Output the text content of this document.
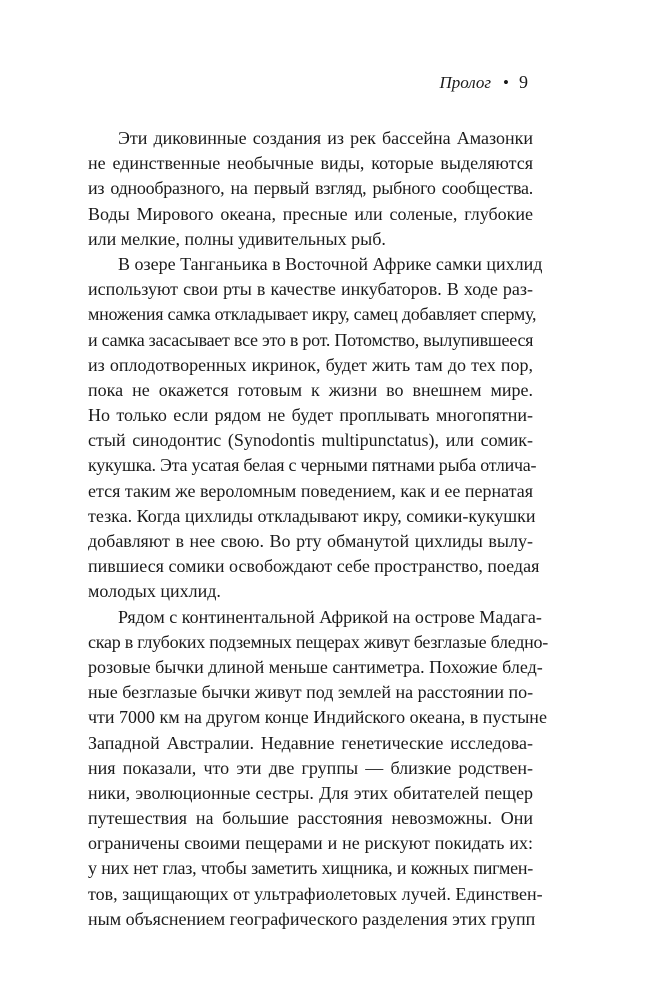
Пролог • 9
Эти диковинные создания из рек бассейна Амазонки
не единственные необычные виды, которые выделяются
из однообразного, на первый взгляд, рыбного сообщества.
Воды Мирового океана, пресные или соленые, глубокие
или мелкие, полны удивительных рыб.
В озере Танганьика в Восточной Африке самки цихлид
используют свои рты в качестве инкубаторов. В ходе раз-
множения самка откладывает икру, самец добавляет сперму,
и самка засасывает все это в рот. Потомство, вылупившееся
из оплодотворенных икринок, будет жить там до тех пор,
пока не окажется готовым к жизни во внешнем мире.
Но только если рядом не будет проплывать многопятни-
стый синодонтис (Synodontis multipunctatus), или сомик-
кукушка. Эта усатая белая с черными пятнами рыба отлича-
ется таким же вероломным поведением, как и ее пернатая
тезка. Когда цихлиды откладывают икру, сомики-кукушки
добавляют в нее свою. Во рту обманутой цихлиды вылу-
пившиеся сомики освобождают себе пространство, поедая
молодых цихлид.
Рядом с континентальной Африкой на острове Мадага-
скар в глубоких подземных пещерах живут безглазые бледно-
розовые бычки длиной меньше сантиметра. Похожие блед-
ные безглазые бычки живут под землей на расстоянии по-
чти 7000 км на другом конце Индийского океана, в пустыне
Западной Австралии. Недавние генетические исследова-
ния показали, что эти две группы — близкие родствен-
ники, эволюционные сестры. Для этих обитателей пещер
путешествия на большие расстояния невозможны. Они
ограничены своими пещерами и не рискуют покидать их:
у них нет глаз, чтобы заметить хищника, и кожных пигмен-
тов, защищающих от ультрафиолетовых лучей. Единствен-
ным объяснением географического разделения этих групп
